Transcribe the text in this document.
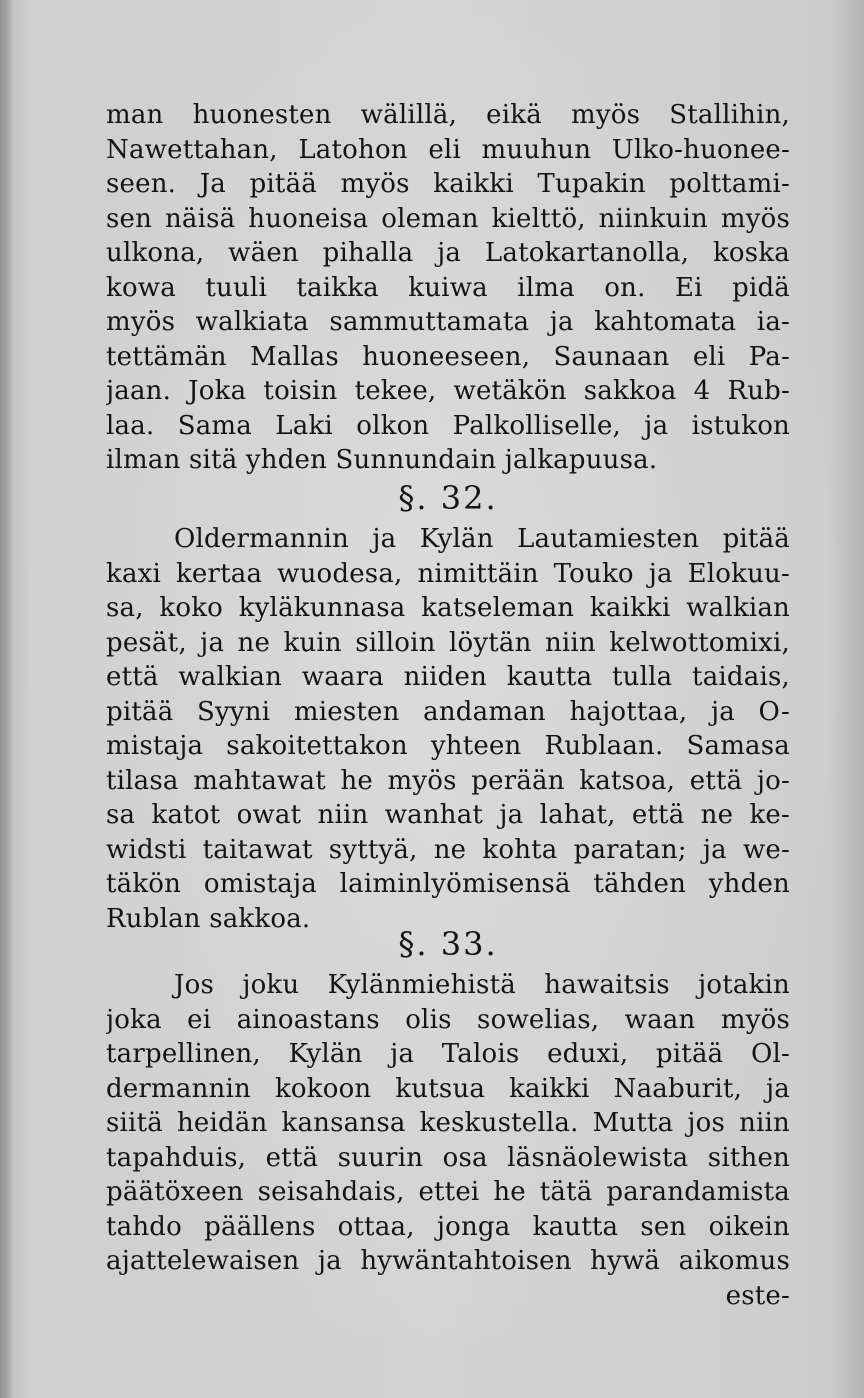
man huonesten wälillä, eikä myös Stallihin,
Nawettahan, Latohon eli muuhun Ulko-huonee-
seen. Ja pitää myös kaikki Tupakin polttami-
sen näisä huoneisa oleman kielttö, niinkuin myös
ulkona, wäen pihalla ja Latokartanolla, koska
kowa tuuli taikka kuiwa ilma on. Ei pidä
myös walkiata sammuttamata ja kahtomata ia-
tettämän Mallas huoneeseen, Saunaan eli Pa-
jaan. Joka toisin tekee, wetäkön sakkoa 4 Rub-
laa. Sama Laki olkon Palkolliselle, ja istukon
ilman sitä yhden Sunnundain jalkapuusa.
§. 32.
Oldermannin ja Kylän Lautamiesten pitää
kaxi kertaa wuodesa, nimittäin Touko ja Elokuu-
sa, koko kyläkunnasa katseleman kaikki walkian
pesät, ja ne kuin silloin löytän niin kelwottomixi,
että walkian waara niiden kautta tulla taidais,
pitää Syyni miesten andaman hajottaa, ja O-
mistaja sakoitettakon yhteen Rublaan. Samasa
tilasa mahtawat he myös perään katsoa, että jo-
sa katot owat niin wanhat ja lahat, että ne ke-
widsti taitawat syttyä, ne kohta paratan; ja we-
täkön omistaja laiminlyömisensä tähden yhden
Rublan sakkoa.
§. 33.
Jos joku Kylänmiehistä hawaitsis jotakin
joka ei ainoastans olis sowelias, waan myös
tarpellinen, Kylän ja Talois eduxi, pitää Ol-
dermannin kokoon kutsua kaikki Naaburit, ja
siitä heidän kansansa keskustella. Mutta jos niin
tapahduis, että suurin osa läsnäolewista sithen
päätöxeen seisahdais, ettei he tätä parandamista
tahdo päällens ottaa, jonga kautta sen oikein
ajattelewaisen ja hywäntahtoisen hywä aikomus
este-
